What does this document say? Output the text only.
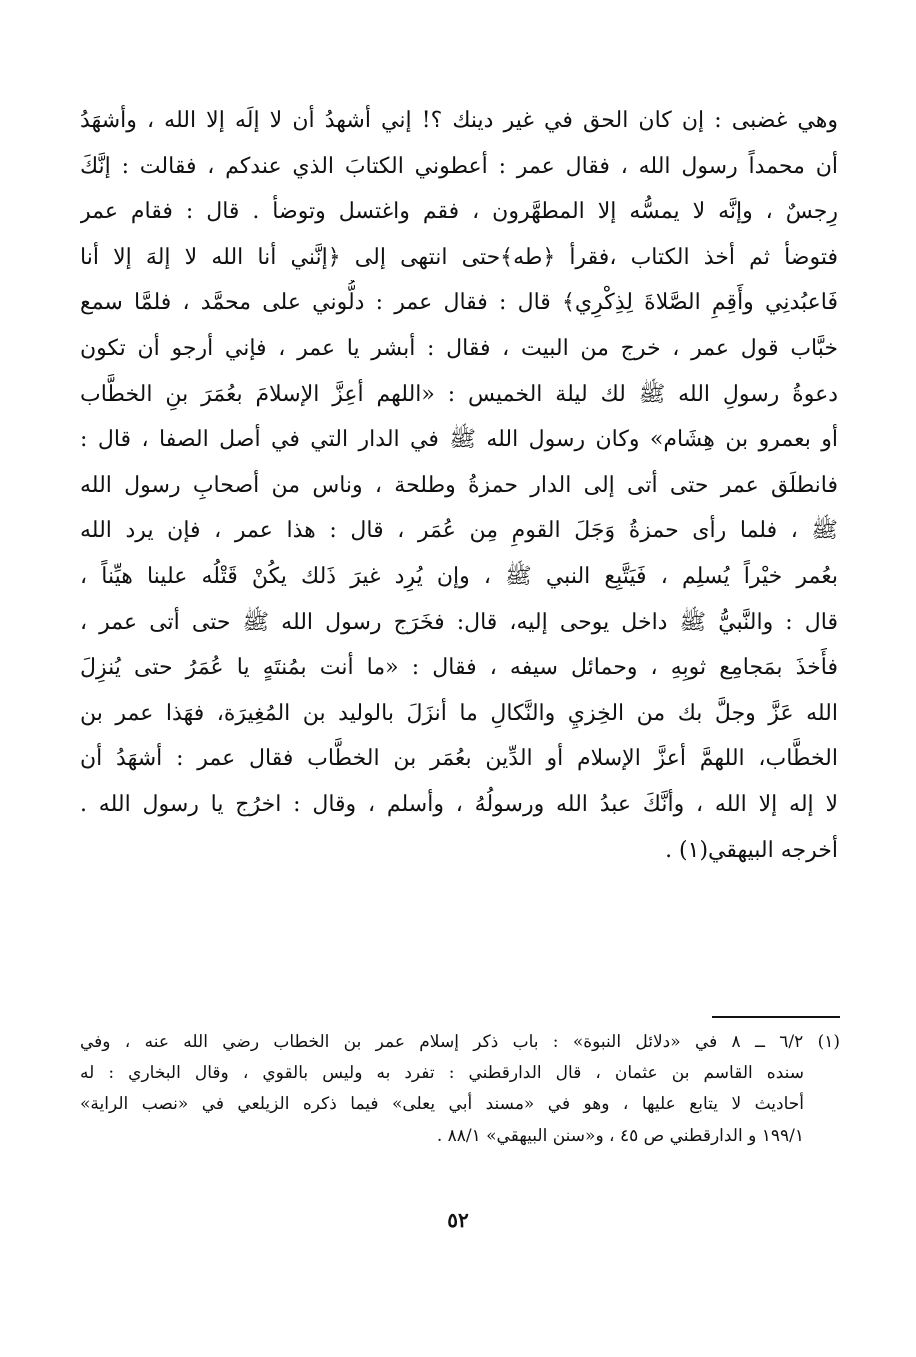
وهي غضبى : إن كان الحق في غير دينك ؟! إني أشهدُ أن لا إلَه إلا الله ، وأشهَدُ
أن محمداً رسول الله ، فقال عمر : أعطوني الكتابَ الذي عندكم ، فقالت : إنَّكَ
رِجسٌ ، وإنَّه لا يمسُّه إلا المطهَّرون ، فقم واغتسل وتوضأ . قال : فقام عمر
فتوضأ ثم أخذ الكتاب ،فقرأ ﴿طه﴾حتى انتهى إلى ﴿إنَّني أنا الله لا إلهَ إلا أنا
فَاعبُدنِي وأَقِمِ الصَّلاةَ لِذِكْرِي﴾ قال : فقال عمر : دلُّوني على محمَّد ، فلمَّا سمع
خبَّاب قول عمر ، خرج من البيت ، فقال : أبشر يا عمر ، فإني أرجو أن تكون
دعوةُ رسولِ الله ﷺ لك ليلة الخميس : «اللهم أعِزَّ الإسلامَ بعُمَرَ بنِ الخطَّاب
أو بعمرو بن هِشَام» وكان رسول الله ﷺ في الدار التي في أصل الصفا ، قال :
فانطلَق عمر حتى أتى إلى الدار حمزةُ وطلحة ، وناس من أصحابِ رسول الله
ﷺ ، فلما رأى حمزةُ وَجَلَ القومِ مِن عُمَر ، قال : هذا عمر ، فإن يرد الله
بعُمر خيْراً يُسلِم ، فَيَتَّبِع النبي ﷺ ، وإن يُرِد غيرَ ذَلك يكُنْ قَتْلُه علينا هيِّناً ،
قال : والنَّبيُّ ﷺ داخل يوحى إليه، قال: فخَرَج رسول الله ﷺ حتى أتى عمر ،
فأَخذَ بمَجامِع ثوبِهِ ، وحمائل سيفه ، فقال : «ما أنت بمُنتَهٍ يا عُمَرُ حتى يُنزِلَ
الله عَزَّ وجلَّ بك من الخِزيِ والنَّكالِ ما أنزَلَ بالوليد بن المُغِيرَة، فهَذا عمر بن
الخطَّاب، اللهمَّ أعزَّ الإسلام أو الدِّين بعُمَر بن الخطَّاب فقال عمر : أشهَدُ أن
لا إله إلا الله ، وأنَّكَ عبدُ الله ورسولُهُ ، وأسلم ، وقال : اخرُج يا رسول الله .
أخرجه البيهقي(١) .
(١) ٦/٢ ــ ٨ في «دلائل النبوة» : باب ذكر إسلام عمر بن الخطاب رضي الله عنه ، وفي
سنده القاسم بن عثمان ، قال الدارقطني : تفرد به وليس بالقوي ، وقال البخاري : له
أحاديث لا يتابع عليها ، وهو في «مسند أبي يعلى» فيما ذكره الزيلعي في «نصب الراية»
١٩٩/١ و الدارقطني ص ٤٥ ، و«سنن البيهقي» ٨٨/١ .
٥٢
